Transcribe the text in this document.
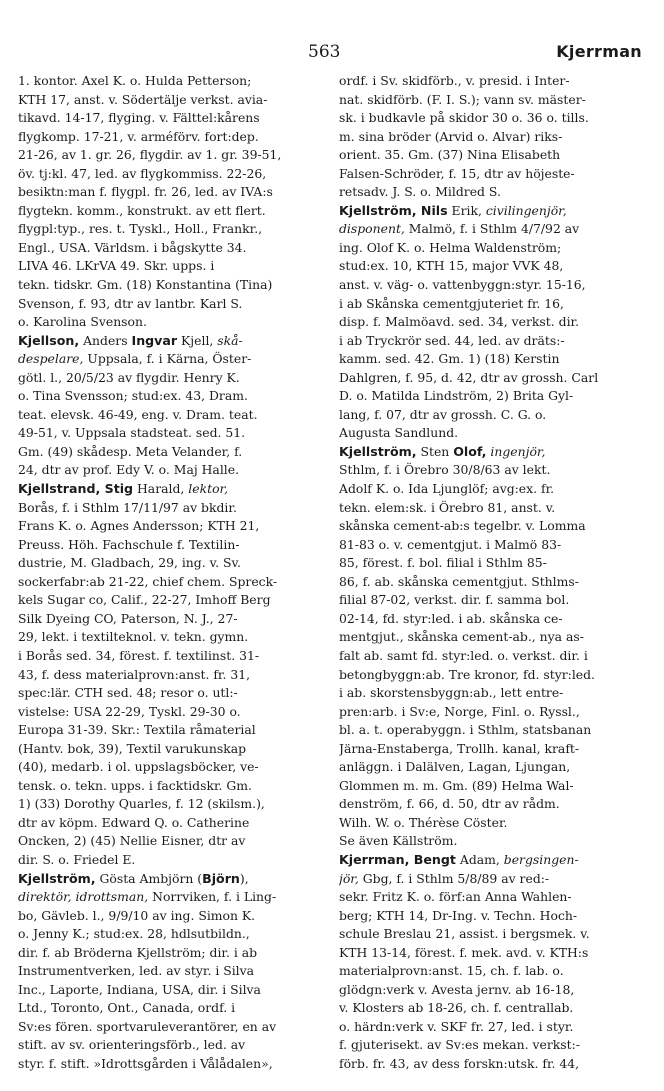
563	Kjerrman
1. kontor. Axel K. o. Hulda Petterson;
KTH 17, anst. v. Södertälje verkst. avia-
tikavd. 14-17, flyging. v. Fälttel:kårens
flygkomp. 17-21, v. arméförv. fort:dep.
21-26, av 1. gr. 26, flygdir. av 1. gr. 39-51,
öv. tj:kl. 47, led. av flygkommiss. 22-26,
besiktn:man f. flygpl. fr. 26, led. av IVA:s
flygtekn. komm., konstrukt. av ett flert.
flygpl:typ., res. t. Tyskl., Holl., Frankr.,
Engl., USA. Världsm. i bågskytte 34.
LIVA 46. LKrVA 49. Skr. upps. i
tekn. tidskr. Gm. (18) Konstantina (Tina)
Svenson, f. 93, dtr av lantbr. Karl S.
o. Karolina Svenson.
Kjellson, Anders Ingvar Kjell, skå-
despelare, Uppsala, f. i Kärna, Öster-
götl. l., 20/5/23 av flygdir. Henry K.
o. Tina Svensson; stud:ex. 43, Dram.
teat. elevsk. 46-49, eng. v. Dram. teat.
49-51, v. Uppsala stadsteat. sed. 51.
Gm. (49) skådesp. Meta Velander, f.
24, dtr av prof. Edy V. o. Maj Halle.
Kjellstrand, Stig Harald, lektor,
Borås, f. i Sthlm 17/11/97 av bkdir.
Frans K. o. Agnes Andersson; KTH 21,
Preuss. Höh. Fachschule f. Textilin-
dustrie, M. Gladbach, 29, ing. v. Sv.
sockerfabr:ab 21-22, chief chem. Spreck-
kels Sugar co, Calif., 22-27, Imhoff Berg
Silk Dyeing CO, Paterson, N. J., 27-
29, lekt. i textilteknol. v. tekn. gymn.
i Borås sed. 34, förest. f. textilinst. 31-
43, f. dess materialprovn:anst. fr. 31,
spec:lär. CTH sed. 48; resor o. utl:-
vistelse: USA 22-29, Tyskl. 29-30 o.
Europa 31-39. Skr.: Textila råmaterial
(Hantv. bok, 39), Textil varukunskap
(40), medarb. i ol. uppslagsböcker, ve-
tensk. o. tekn. upps. i facktidskr. Gm.
1) (33) Dorothy Quarles, f. 12 (skilsm.),
dtr av köpm. Edward Q. o. Catherine
Oncken, 2) (45) Nellie Eisner, dtr av
dir. S. o. Friedel E.
Kjellström, Gösta Ambjörn (Björn),
direktör, idrottsman, Norrviken, f. i Ling-
bo, Gävleb. l., 9/9/10 av ing. Simon K.
o. Jenny K.; stud:ex. 28, hdlsutbildn.,
dir. f. ab Bröderna Kjellström; dir. i ab
Instrumentverken, led. av styr. i Silva
Inc., Laporte, Indiana, USA, dir. i Silva
Ltd., Toronto, Ont., Canada, ordf. i
Sv:es fören. sportvaruleverantörer, en av
stift. av sv. orienteringsförb., led. av
styr. f. stift. »Idrottsgården i Vålådalen»,
ordf. i Sv. skidförb., v. presid. i Inter-
nat. skidförb. (F. I. S.); vann sv. mäster-
sk. i budkavle på skidor 30 o. 36 o. tills.
m. sina bröder (Arvid o. Alvar) riks-
orient. 35. Gm. (37) Nina Elisabeth
Falsen-Schröder, f. 15, dtr av höjeste-
retsadv. J. S. o. Mildred S.
Kjellström, Nils Erik, civilingenjör,
disponent, Malmö, f. i Sthlm 4/7/92 av
ing. Olof K. o. Helma Waldenström;
stud:ex. 10, KTH 15, major VVK 48,
anst. v. väg- o. vattenbyggn:styr. 15-16,
i ab Skånska cementgjuteriet fr. 16,
disp. f. Malmöavd. sed. 34, verkst. dir.
i ab Tryckrör sed. 44, led. av dräts:-
kamm. sed. 42. Gm. 1) (18) Kerstin
Dahlgren, f. 95, d. 42, dtr av grossh. Carl
D. o. Matilda Lindström, 2) Brita Gyl-
lang, f. 07, dtr av grossh. C. G. o.
Augusta Sandlund.
Kjellström, Sten Olof, ingenjör,
Sthlm, f. i Örebro 30/8/63 av lekt.
Adolf K. o. Ida Ljunglöf; avg:ex. fr.
tekn. elem:sk. i Örebro 81, anst. v.
skånska cement-ab:s tegelbr. v. Lomma
81-83 o. v. cementgjut. i Malmö 83-
85, förest. f. bol. filial i Sthlm 85-
86, f. ab. skånska cementgjut. Sthlms-
filial 87-02, verkst. dir. f. samma bol.
02-14, fd. styr:led. i ab. skånska ce-
mentgjut., skånska cement-ab., nya as-
falt ab. samt fd. styr:led. o. verkst. dir. i
betongbyggn:ab. Tre kronor, fd. styr:led.
i ab. skorstensbyggn:ab., lett entre-
pren:arb. i Sv:e, Norge, Finl. o. Ryssl.,
bl. a. t. operabyggn. i Sthlm, statsbanan
Järna-Enstaberga, Trollh. kanal, kraft-
anläggn. i Dalälven, Lagan, Ljungan,
Glommen m. m. Gm. (89) Helma Wal-
denström, f. 66, d. 50, dtr av rådm.
Wilh. W. o. Thérèse Cöster.
Se även Källström.
Kjerrman, Bengt Adam, bergsingen-
jör, Gbg, f. i Sthlm 5/8/89 av red:-
sekr. Fritz K. o. förf:an Anna Wahlen-
berg; KTH 14, Dr-Ing. v. Techn. Hoch-
schule Breslau 21, assist. i bergsmek. v.
KTH 13-14, förest. f. mek. avd. v. KTH:s
materialprovn:anst. 15, ch. f. lab. o.
glödgn:verk v. Avesta jernv. ab 16-18,
v. Klosters ab 18-26, ch. f. centrallab.
o. härdn:verk v. SKF fr. 27, led. i styr.
f. gjuterisekt. av Sv:es mekan. verkst:-
förb. fr. 43, av dess forskn:utsk. fr. 44,
